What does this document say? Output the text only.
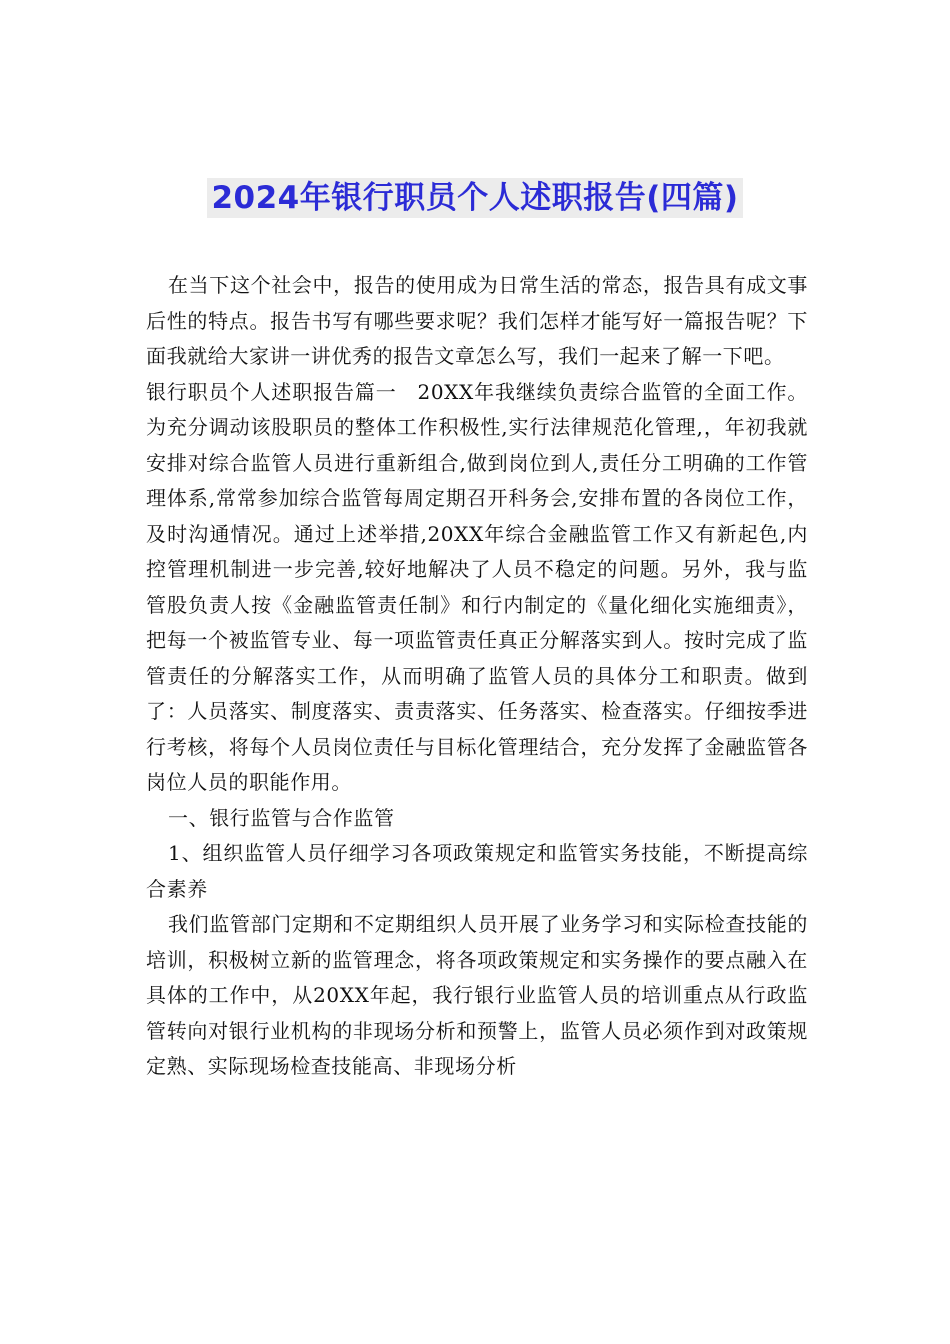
2024年银行职员个人述职报告(四篇)

在当下这个社会中，报告的使用成为日常生活的常态，报告具有成文事后性的特点。报告书写有哪些要求呢？我们怎样才能写好一篇报告呢？下面我就给大家讲一讲优秀的报告文章怎么写，我们一起来了解一下吧。

银行职员个人述职报告篇一　20XX年我继续负责综合监管的全面工作。为充分调动该股职员的整体工作积极性,实行法律规范化管理,，年初我就安排对综合监管人员进行重新组合,做到岗位到人,责任分工明确的工作管理体系,常常参加综合监管每周定期召开科务会,安排布置的各岗位工作，及时沟通情况。通过上述举措,20XX年综合金融监管工作又有新起色,内控管理机制进一步完善,较好地解决了人员不稳定的问题。另外，我与监管股负责人按《金融监管责任制》和行内制定的《量化细化实施细责》，把每一个被监管专业、每一项监管责任真正分解落实到人。按时完成了监管责任的分解落实工作，从而明确了监管人员的具体分工和职责。做到了：人员落实、制度落实、责责落实、任务落实、检查落实。仔细按季进行考核，将每个人员岗位责任与目标化管理结合，充分发挥了金融监管各岗位人员的职能作用。

一、银行监管与合作监管

1、组织监管人员仔细学习各项政策规定和监管实务技能，不断提高综合素养

我们监管部门定期和不定期组织人员开展了业务学习和实际检查技能的培训，积极树立新的监管理念，将各项政策规定和实务操作的要点融入在具体的工作中，从20XX年起，我行银行业监管人员的培训重点从行政监管转向对银行业机构的非现场分析和预警上，监管人员必须作到对政策规定熟、实际现场检查技能高、非现场分析
